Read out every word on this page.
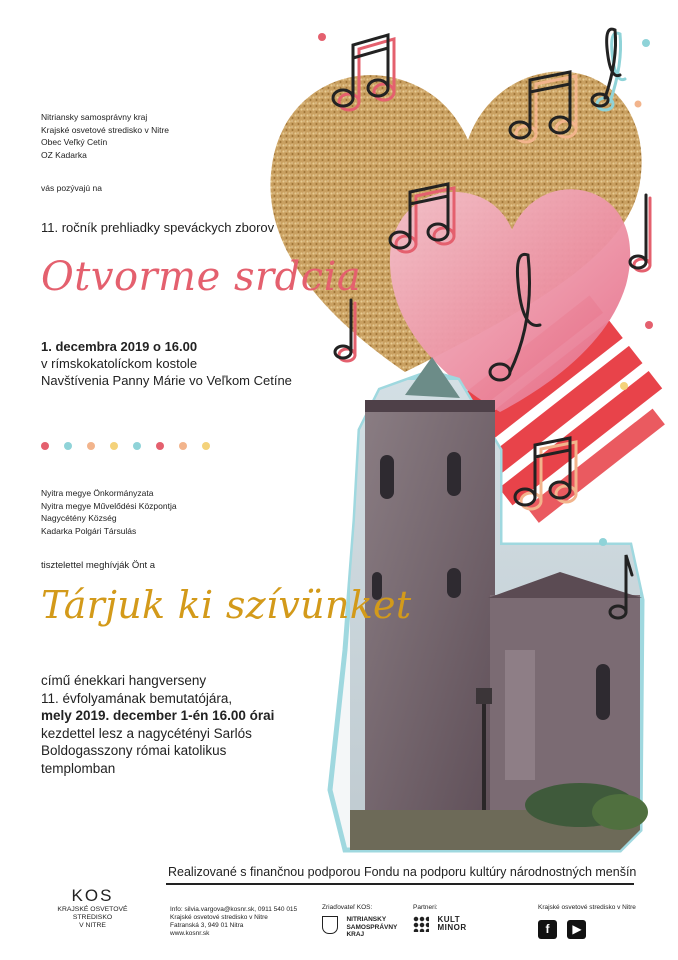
Nitriansky samosprávny kraj
Krajské osvetové stredisko v Nitre
Obec Veľký Cetín
OZ Kadarka
vás pozývajú na
11. ročník prehliadky speváckych zborov
Otvorme srdcia
1. decembra 2019 o 16.00
v rímskokatolíckom kostole
Navštívenia Panny Márie vo Veľkom Cetíne
Nyitra megye Önkormányzata
Nyitra megye Művelődési Központja
Nagycétény Község
Kadarka Polgári Társulás
tisztelettel meghívják Önt a
Tárjuk ki szívünket
című énekkari hangverseny
11. évfolyamának bemutatójára,
mely 2019. december 1-én 16.00 órai
kezdettel lesz a nagycétényi Sarlós
Boldogasszony római katolikus
templomban
Realizované s finančnou podporou Fondu na podporu kultúry národnostných menšín
KOS
KRAJSKÉ OSVETOVÉ STREDISKO
V NITRE
Info: silvia.vargova@kosnr.sk, 0911 540 015
Krajské osvetové stredisko v Nitre
Fatranská 3, 949 01 Nitra
www.kosnr.sk
Zriaďovateľ KOS:

NITRIANSKY
SAMOSPRÁVNY
KRAJ
Partneri:

KULT
MINOR
Krajské osvetové stredisko v Nitre
f ▶
